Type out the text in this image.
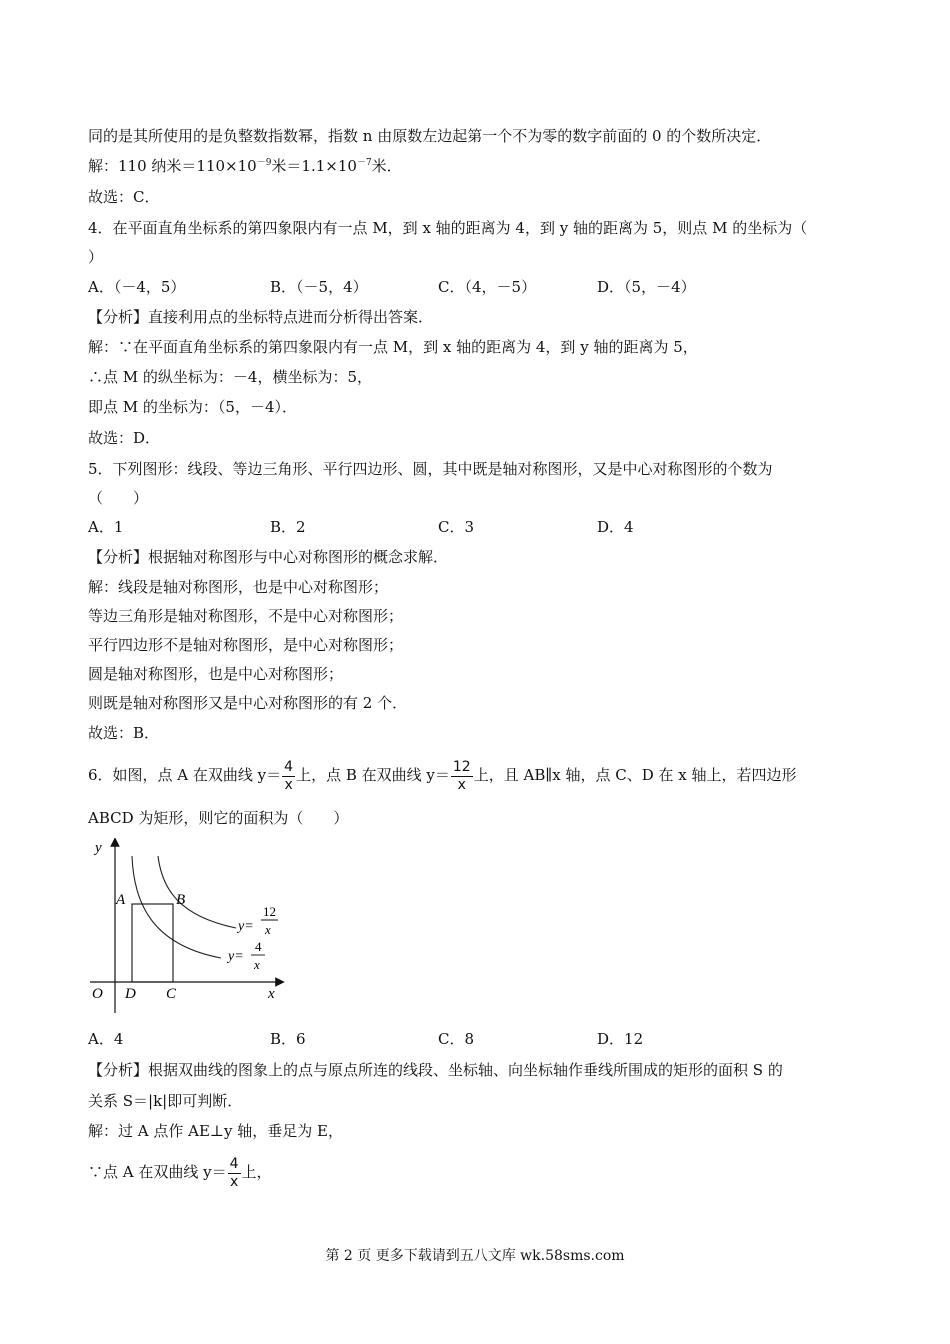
同的是其所使用的是负整数指数幂，指数 n 由原数左边起第一个不为零的数字前面的 0 的个数所决定．
解：110 纳米$=110\times 10^{-9}$米$=1.1\times 10^{-7}$米．
故选：C．
4．在平面直角坐标系的第四象限内有一点 M，到 x 轴的距离为 4，到 y 轴的距离为 5，则点 M 的坐标为（
）
A．（－4，5）	B．（－5，4）	C．（4，－5）	D．（5，－4）
【分析】直接利用点的坐标特点进而分析得出答案．
解：∵在平面直角坐标系的第四象限内有一点 M，到 x 轴的距离为 4，到 y 轴的距离为 5，
∴点 M 的纵坐标为：－4，横坐标为：5，
即点 M 的坐标为：（5，－4）．
故选：D．
5．下列图形：线段、等边三角形、平行四边形、圆，其中既是轴对称图形，又是中心对称图形的个数为
（　　）
A．1	B．2	C．3	D．4
【分析】根据轴对称图形与中心对称图形的概念求解．
解：线段是轴对称图形，也是中心对称图形；
等边三角形是轴对称图形，不是中心对称图形；
平行四边形不是轴对称图形，是中心对称图形；
圆是轴对称图形，也是中心对称图形；
则既是轴对称图形又是中心对称图形的有 2 个．
故选：B．
6．如图，点 A 在双曲线 $y= \frac{4}{x}$ 上，点 B 在双曲线 $y= \frac{12}{x}$ 上，且 AB∥x 轴，点 C、D 在 x 轴上，若四边形
ABCD 为矩形，则它的面积为（　　）
y
x
O
A	B
D C
y=
12
x
y=
4
x
A．4	B．6	C．8	D．12
【分析】根据双曲线的图象上的点与原点所连的线段、坐标轴、向坐标轴作垂线所围成的矩形的面积 S 的
关系 S＝|k|即可判断．
解：过 A 点作 AE⊥y 轴，垂足为 E，
∵点 A 在双曲线 $y= \frac{4}{x}$ 上，
第 2 页 更多下载请到五八文库 wk.58sms.com
